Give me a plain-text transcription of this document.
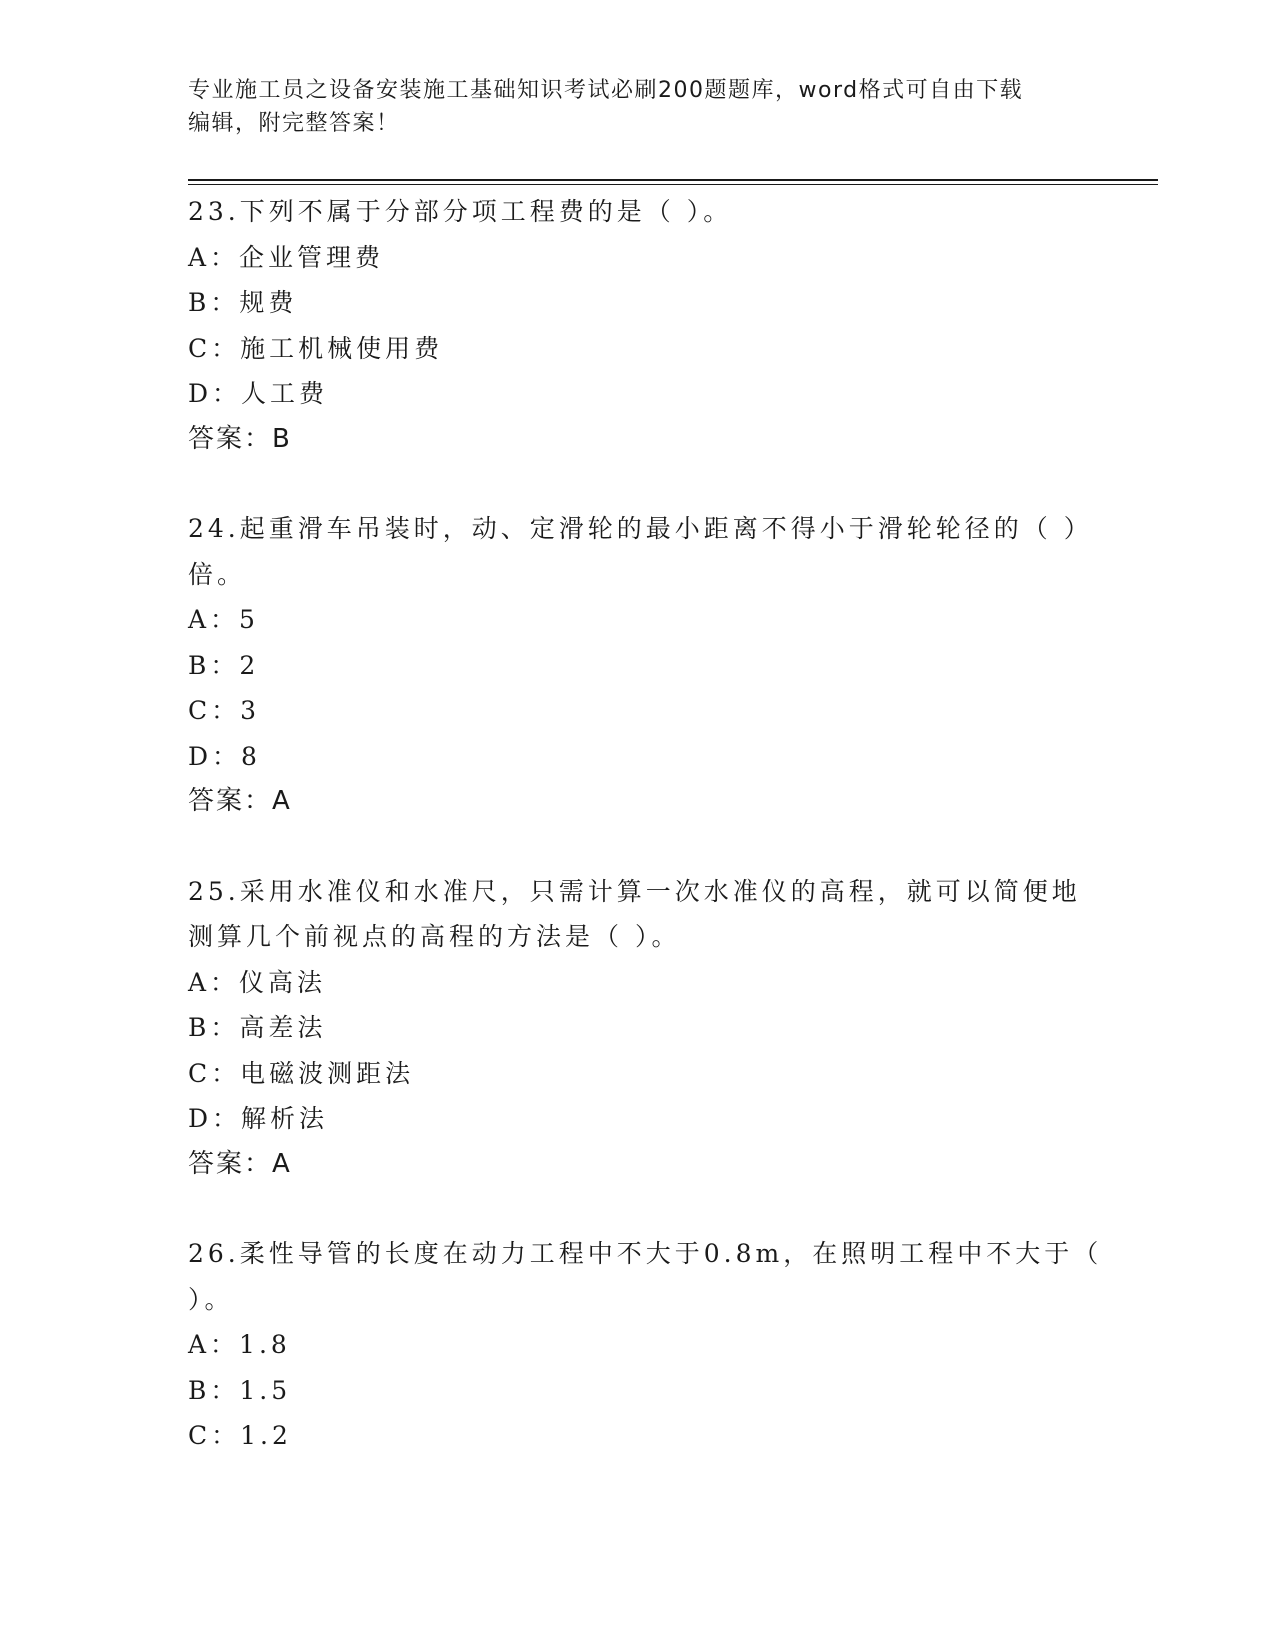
专业施工员之设备安装施工基础知识考试必刷200题题库，word格式可自由下载
编辑，附完整答案！
23.下列不属于分部分项工程费的是（ ）。
A：企业管理费
B：规费
C：施工机械使用费
D：人工费
答案：B
24.起重滑车吊装时，动、定滑轮的最小距离不得小于滑轮轮径的（ ）倍。
A：5
B：2
C：3
D：8
答案：A
25.采用水准仪和水准尺，只需计算一次水准仪的高程，就可以简便地测算几个前视点的高程的方法是（ ）。
A：仪高法
B：高差法
C：电磁波测距法
D：解析法
答案：A
26.柔性导管的长度在动力工程中不大于0.8m，在照明工程中不大于（ ）。
A：1.8
B：1.5
C：1.2
